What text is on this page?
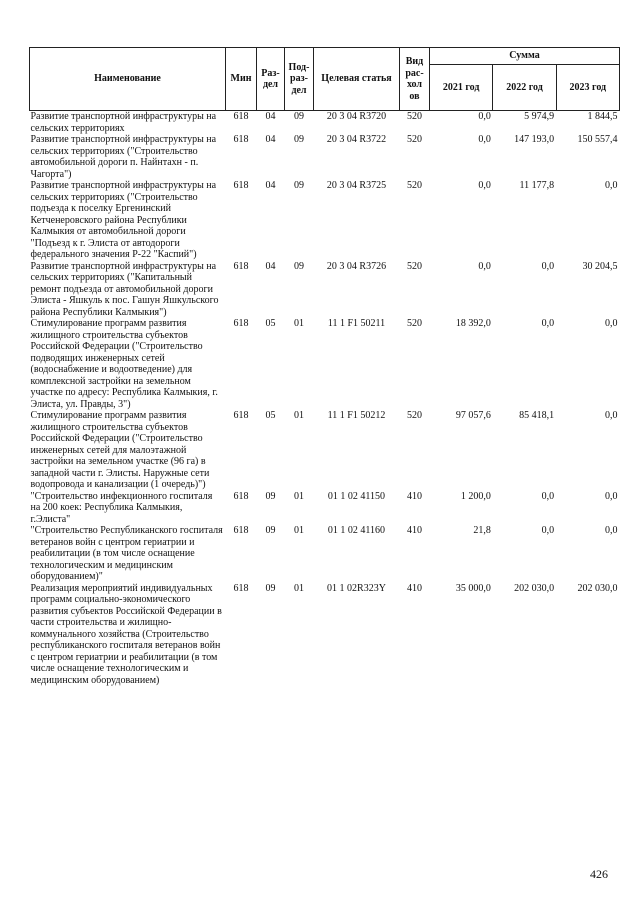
Наименование	Мин	Раз-дел	Под-раз-дел	Целевая статья	Вид рас-хол ов	Сумма		
						2021 год	2022 год	2023 год
Развитие транспортной инфраструктуры на сельских территориях	618	04	09	20 3 04 R3720	520	0,0	5 974,9	1 844,5
Развитие транспортной инфраструктуры на сельских территориях ("Строительство автомобильной дороги п. Найнтахн - п. Чагорта")	618	04	09	20 3 04 R3722	520	0,0	147 193,0	150 557,4
Развитие транспортной инфраструктуры на сельских территориях ("Строительство подъезда к поселку Ергенинский Кетченеровского района Республики Калмыкия от автомобильной дороги "Подъезд к г. Элиста от автодороги федерального значения Р-22 "Каспий")	618	04	09	20 3 04 R3725	520	0,0	11 177,8	0,0
Развитие транспортной инфраструктуры на сельских территориях ("Капитальный ремонт подъезда от автомобильной дороги Элиста - Яшкуль к пос. Гашун Яшкульского района Республики Калмыкия")	618	04	09	20 3 04 R3726	520	0,0	0,0	30 204,5
Стимулирование программ развития жилищного строительства субъектов Российской Федерации ("Строительство подводящих инженерных сетей (водоснабжение и водоотведение) для комплексной застройки на земельном участке по адресу: Республика Калмыкия, г. Элиста, ул. Правды, 3")	618	05	01	11 1 F1 50211	520	18 392,0	0,0	0,0
Стимулирование программ развития жилищного строительства субъектов Российской Федерации ("Строительство инженерных сетей для малоэтажной застройки на земельном участке (96 га) в западной части г. Элисты. Наружные сети водопровода и канализации (1 очередь)")	618	05	01	11 1 F1 50212	520	97 057,6	85 418,1	0,0
"Строительство инфекционного госпиталя на 200 коек: Республика Калмыкия, г.Элиста"	618	09	01	01 1 02 41150	410	1 200,0	0,0	0,0
"Строительство Республиканского госпиталя ветеранов войн с центром гериатрии и реабилитации (в том числе оснащение технологическим и медицинским оборудованием)"	618	09	01	01 1 02 41160	410	21,8	0,0	0,0
Реализация мероприятий индивидуальных программ социально-экономического развития субъектов Российской Федерации в части строительства и жилищно-коммунального хозяйства (Строительство республиканского госпиталя ветеранов войн с центром гериатрии и реабилитации (в том числе оснащение технологическим и медицинским оборудованием)	618	09	01	01 1 02R323Y	410	35 000,0	202 030,0	202 030,0
426
